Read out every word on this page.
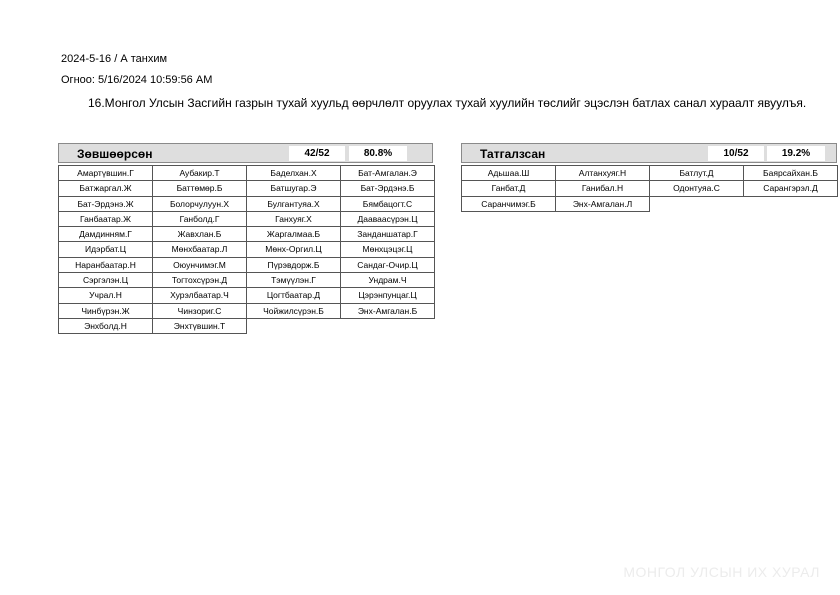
2024-5-16 / А танхим
Огноо: 5/16/2024 10:59:56 AM
16.Монгол Улсын Засгийн газрын тухай хуульд өөрчлөлт оруулах тухай хуулийн төслийг эцэслэн батлах санал хураалт явуулъя.
Зөвшөөрсөн	42/52	80.8%
Амартүвшин.Г	Аубакир.Т	Баделхан.Х	Бат-Амгалан.Э
Батжаргал.Ж	Баттөмөр.Б	Батшугар.Э	Бат-Эрдэнэ.Б
Бат-Эрдэнэ.Ж	Болорчулуун.Х	Булгантуяа.Х	Бямбацогт.С
Ганбаатар.Ж	Ганболд.Г	Ганхуяг.Х	Дааваасүрэн.Ц
Дамдинням.Г	Жавхлан.Б	Жаргалмаа.Б	Занданшатар.Г
Идэрбат.Ц	Мөнхбаатар.Л	Мөнх-Оргил.Ц	Мөнхцэцэг.Ц
Наранбаатар.Н	Оюунчимэг.М	Пүрэвдорж.Б	Сандаг-Очир.Ц
Сэргэлэн.Ц	Тогтохсүрэн.Д	Тэмүүлэн.Г	Ундрам.Ч
Учрал.Н	Хурэлбаатар.Ч	Цогтбаатар.Д	Цэрэнпунцаг.Ц
Чинбүрэн.Ж	Чинзориг.С	Чойжилсүрэн.Б	Энх-Амгалан.Б
Энхболд.Н	Энхтүвшин.Т
Татгалзсан	10/52	19.2%
Адьшаа.Ш	Алтанхуяг.Н	Батлут.Д	Баярсайхан.Б
Ганбат.Д	Ганибал.Н	Одонтуяа.С	Сарангэрэл.Д
Саранчимэг.Б	Энх-Амгалан.Л
МОНГОЛ УЛСЫН ИХ ХУРАЛ
